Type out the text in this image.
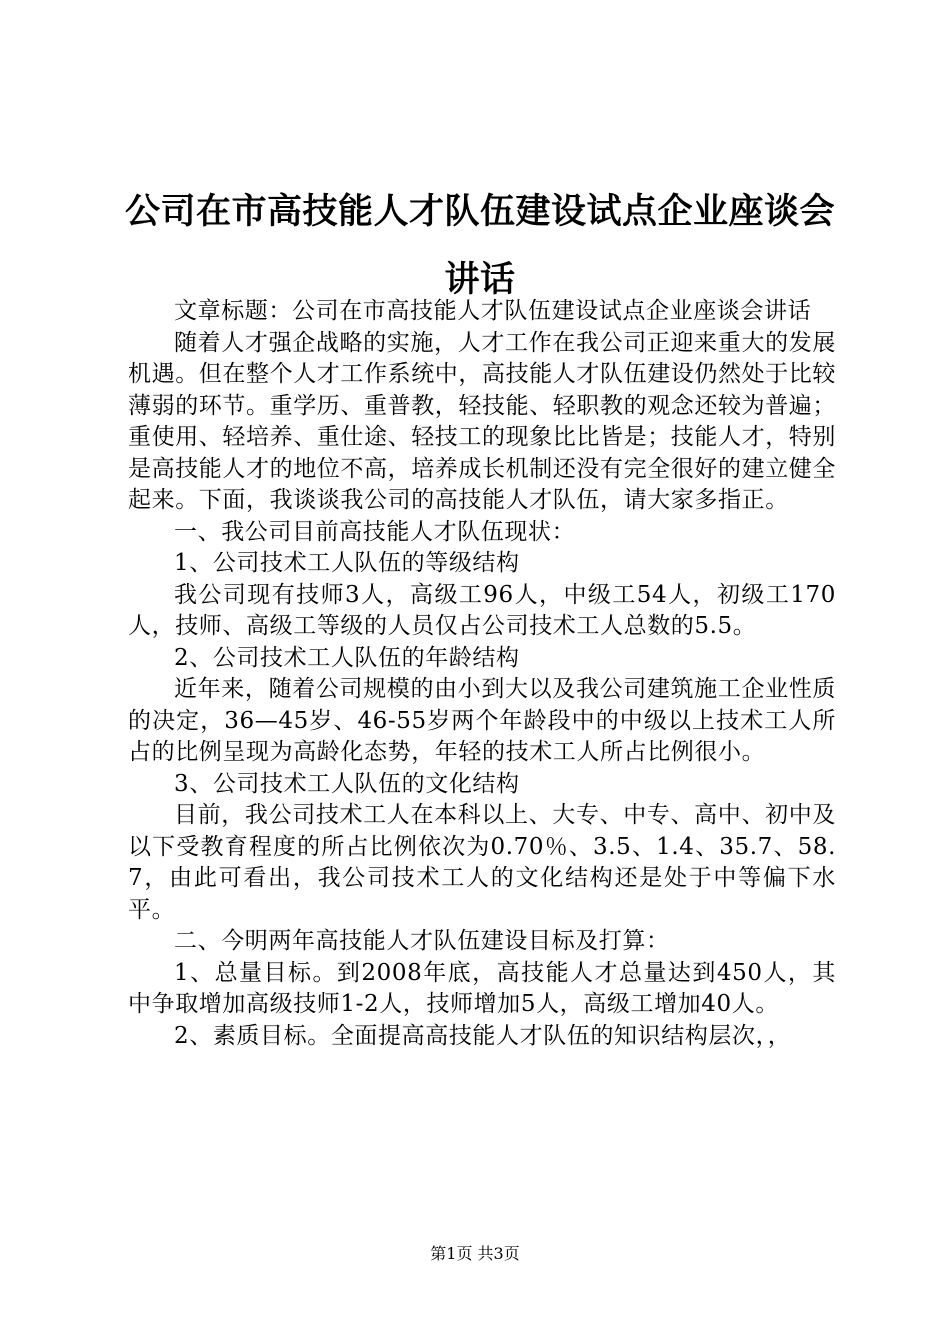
公司在市高技能人才队伍建设试点企业座谈会讲话

文章标题：公司在市高技能人才队伍建设试点企业座谈会讲话

随着人才强企战略的实施，人才工作在我公司正迎来重大的发展机遇。但在整个人才工作系统中，高技能人才队伍建设仍然处于比较薄弱的环节。重学历、重普教，轻技能、轻职教的观念还较为普遍；重使用、轻培养、重仕途、轻技工的现象比比皆是；技能人才，特别是高技能人才的地位不高，培养成长机制还没有完全很好的建立健全起来。下面，我谈谈我公司的高技能人才队伍，请大家多指正。

一、我公司目前高技能人才队伍现状：

1、公司技术工人队伍的等级结构

我公司现有技师3人，高级工96人，中级工54人，初级工170人，技师、高级工等级的人员仅占公司技术工人总数的5.5。

2、公司技术工人队伍的年龄结构

近年来，随着公司规模的由小到大以及我公司建筑施工企业性质的决定，36—45岁、46-55岁两个年龄段中的中级以上技术工人所占的比例呈现为高龄化态势，年轻的技术工人所占比例很小。

3、公司技术工人队伍的文化结构

目前，我公司技术工人在本科以上、大专、中专、高中、初中及以下受教育程度的所占比例依次为0.70％、3.5、1.4、35.7、58.7，由此可看出，我公司技术工人的文化结构还是处于中等偏下水平。

二、今明两年高技能人才队伍建设目标及打算：

1、总量目标。到2008年底，高技能人才总量达到450人，其中争取增加高级技师1-2人，技师增加5人，高级工增加40人。

2、素质目标。全面提高高技能人才队伍的知识结构层次，，

第1页 共3页
